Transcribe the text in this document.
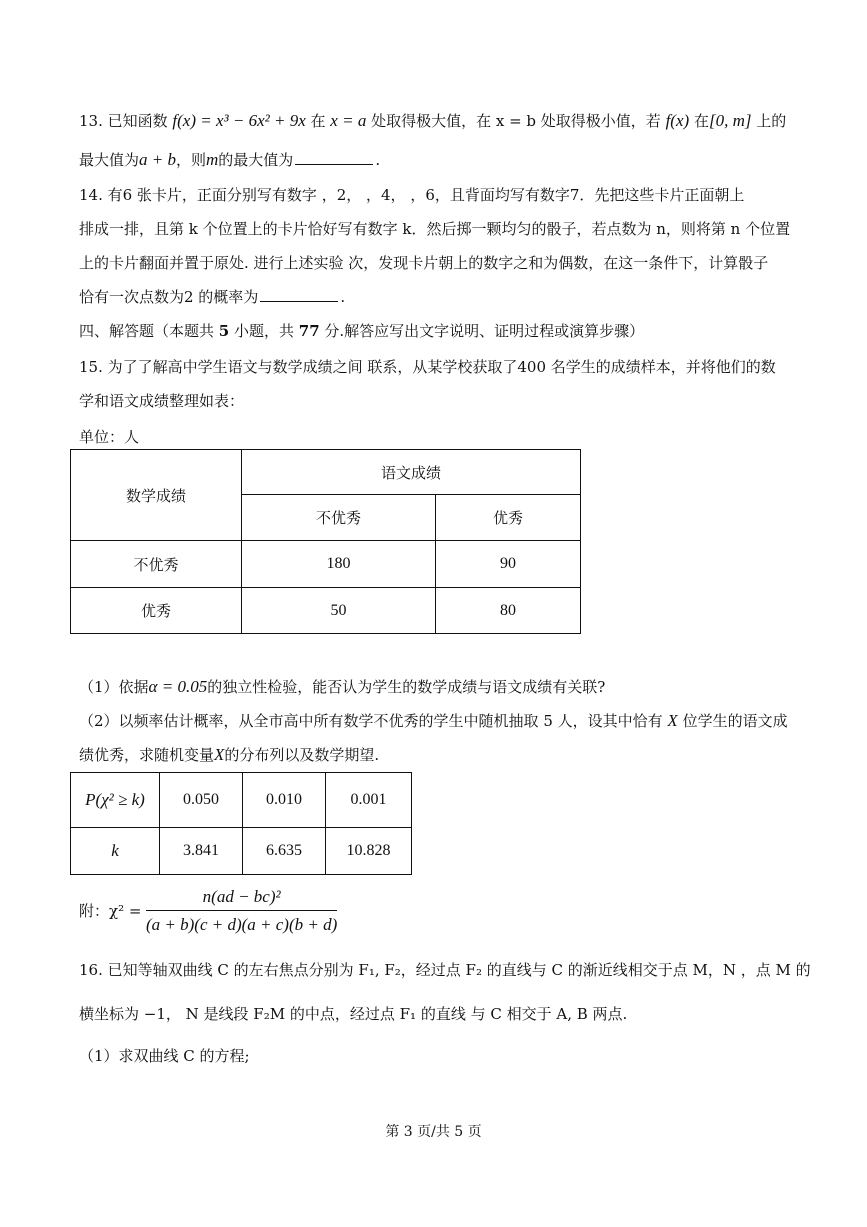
13. 已知函数 f(x) = x³ − 6x² + 9x 在 x = a 处取得极大值，在 x = b 处取得极小值，若 f(x) 在[0, m] 上的
最大值为a + b，则m的最大值为	.
14. 有6 张卡片，正面分别写有数字 ，2， ，4， ，6，且背面均写有数字7．先把这些卡片正面朝上
排成一排，且第 k 个位置上的卡片恰好写有数字 k．然后掷一颗均匀的骰子，若点数为 n，则将第 n 个位置
上的卡片翻面并置于原处. 进行上述实验 次，发现卡片朝上的数字之和为偶数，在这一条件下，计算骰子
恰有一次点数为2 的概率为	.
四、解答题（本题共 5 小题，共 77 分.解答应写出文字说明、证明过程或演算步骤）
15. 为了了解高中学生语文与数学成绩之间 联系，从某学校获取了400 名学生的成绩样本，并将他们的数
学和语文成绩整理如表：
单位：人
数学成绩	语文成绩	
	不优秀	优秀
不优秀	180	90
优秀	50	80
（1）依据α = 0.05的独立性检验，能否认为学生的数学成绩与语文成绩有关联?
（2）以频率估计概率，从全市高中所有数学不优秀的学生中随机抽取 5 人，设其中恰有 X 位学生的语文成
绩优秀，求随机变量X的分布列以及数学期望.
P(χ² ≥ k)	0.050	0.010	0.001
k	3.841	6.635	10.828
附：$\chi^2 = \frac{\text{n(ad − bc)²}}{(a + b)(c + d)(a + c)(b + d)}$
16. 已知等轴双曲线 C 的左右焦点分别为 F₁, F₂，经过点 F₂ 的直线与 C 的渐近线相交于点 M，N ，点 M 的
横坐标为 −1， N 是线段 F₂M 的中点，经过点 F₁ 的直线 与 C 相交于 A, B 两点.
（1）求双曲线 C 的方程;
第 3 页/共 5 页
